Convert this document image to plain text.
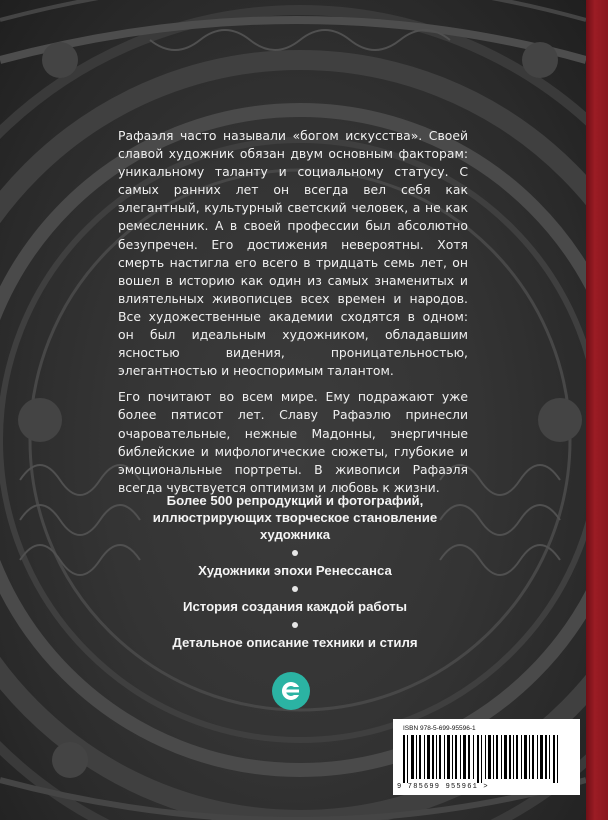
Рафаэля часто называли «богом искусства». Своей славой художник обязан двум основным факторам: уникальному таланту и социальному статусу. С самых ранних лет он всегда вел себя как элегантный, культурный светский человек, а не как ремесленник. А в своей профессии был абсолютно безупречен. Его достижения невероятны. Хотя смерть настигла его всего в тридцать семь лет, он вошел в историю как один из самых знаменитых и влиятельных живописцев всех времен и народов. Все художественные академии сходятся в одном: он был идеальным художником, обладавшим ясностью видения, проницательностью, элегантностью и неоспоримым талантом.

Его почитают во всем мире. Ему подражают уже более пятисот лет. Славу Рафаэлю принесли очаровательные, нежные Мадонны, энергичные библейские и мифологические сюжеты, глубокие и эмоциональные портреты. В живописи Рафаэля всегда чувствуется оптимизм и любовь к жизни.

Более 500 репродукций и фотографий, иллюстрирующих творческое становление художника

Художники эпохи Ренессанса

История создания каждой работы

Детальное описание техники и стиля

ISBN 978-5-699-95596-1
9 785699 955961 >
